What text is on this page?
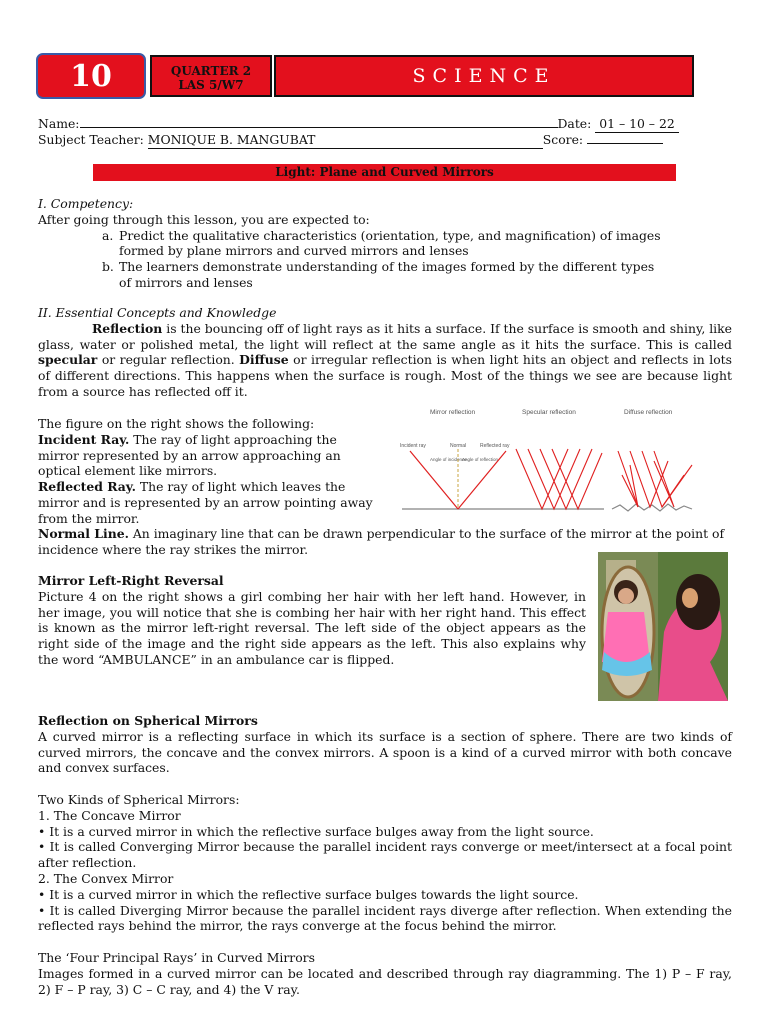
10	QUARTER 2
LAS 5/W7	SCIENCE
Name:	Date: 01 – 10 – 22
Subject Teacher: MONIQUE B. MANGUBAT	Score:
Light: Plane and Curved Mirrors

I. Competency:

After going through this lesson, you are expected to:

a. Predict the qualitative characteristics (orientation, type, and magnification) of images
formed by plane mirrors and curved mirrors and lenses
b. The learners demonstrate understanding of the images formed by the different types
of mirrors and lenses

II. Essential Concepts and Knowledge

Reflection is the bouncing off of light rays as it hits a surface. If the surface is smooth and shiny, like glass, water or polished metal, the light will reflect at the same angle as it hits the surface. This is called specular or regular reflection. Diffuse or irregular reflection is when light hits an object and reflects in lots of different directions. This happens when the surface is rough. Most of the things we see are because light from a source has reflected off it.

The figure on the right shows the following:

Incident Ray. The ray of light approaching the mirror represented by an arrow approaching an optical element like mirrors.

Reflected Ray. The ray of light which leaves the mirror and is represented by an arrow pointing away from the mirror.

Normal Line. An imaginary line that can be drawn perpendicular to the surface of the mirror at the point of incidence where the ray strikes the mirror.

Mirror reflection	Specular reflection	Diffuse reflection
Incident ray	Normal	Reflected ray
Angle of incidence
Angle of reflection

Mirror Left-Right Reversal

Picture 4 on the right shows a girl combing her hair with her left hand. However, in her image, you will notice that she is combing her hair with her right hand. This effect is known as the mirror left-right reversal. The left side of the object appears as the right side of the image and the right side appears as the left. This also explains why the word “AMBULANCE” in an ambulance car is flipped.

Reflection on Spherical Mirrors

A curved mirror is a reflecting surface in which its surface is a section of sphere. There are two kinds of curved mirrors, the concave and the convex mirrors. A spoon is a kind of a curved mirror with both concave and convex surfaces.

Two Kinds of Spherical Mirrors:

1. The Concave Mirror

• It is a curved mirror in which the reflective surface bulges away from the light source.

• It is called Converging Mirror because the parallel incident rays converge or meet/intersect at a focal point after reflection.

2. The Convex Mirror

• It is a curved mirror in which the reflective surface bulges towards the light source.

• It is called Diverging Mirror because the parallel incident rays diverge after reflection. When extending the reflected rays behind the mirror, the rays converge at the focus behind the mirror.

The ‘Four Principal Rays’ in Curved Mirrors

Images formed in a curved mirror can be located and described through ray diagramming. The 1) P – F ray, 2) F – P ray, 3) C – C ray, and 4) the V ray.
